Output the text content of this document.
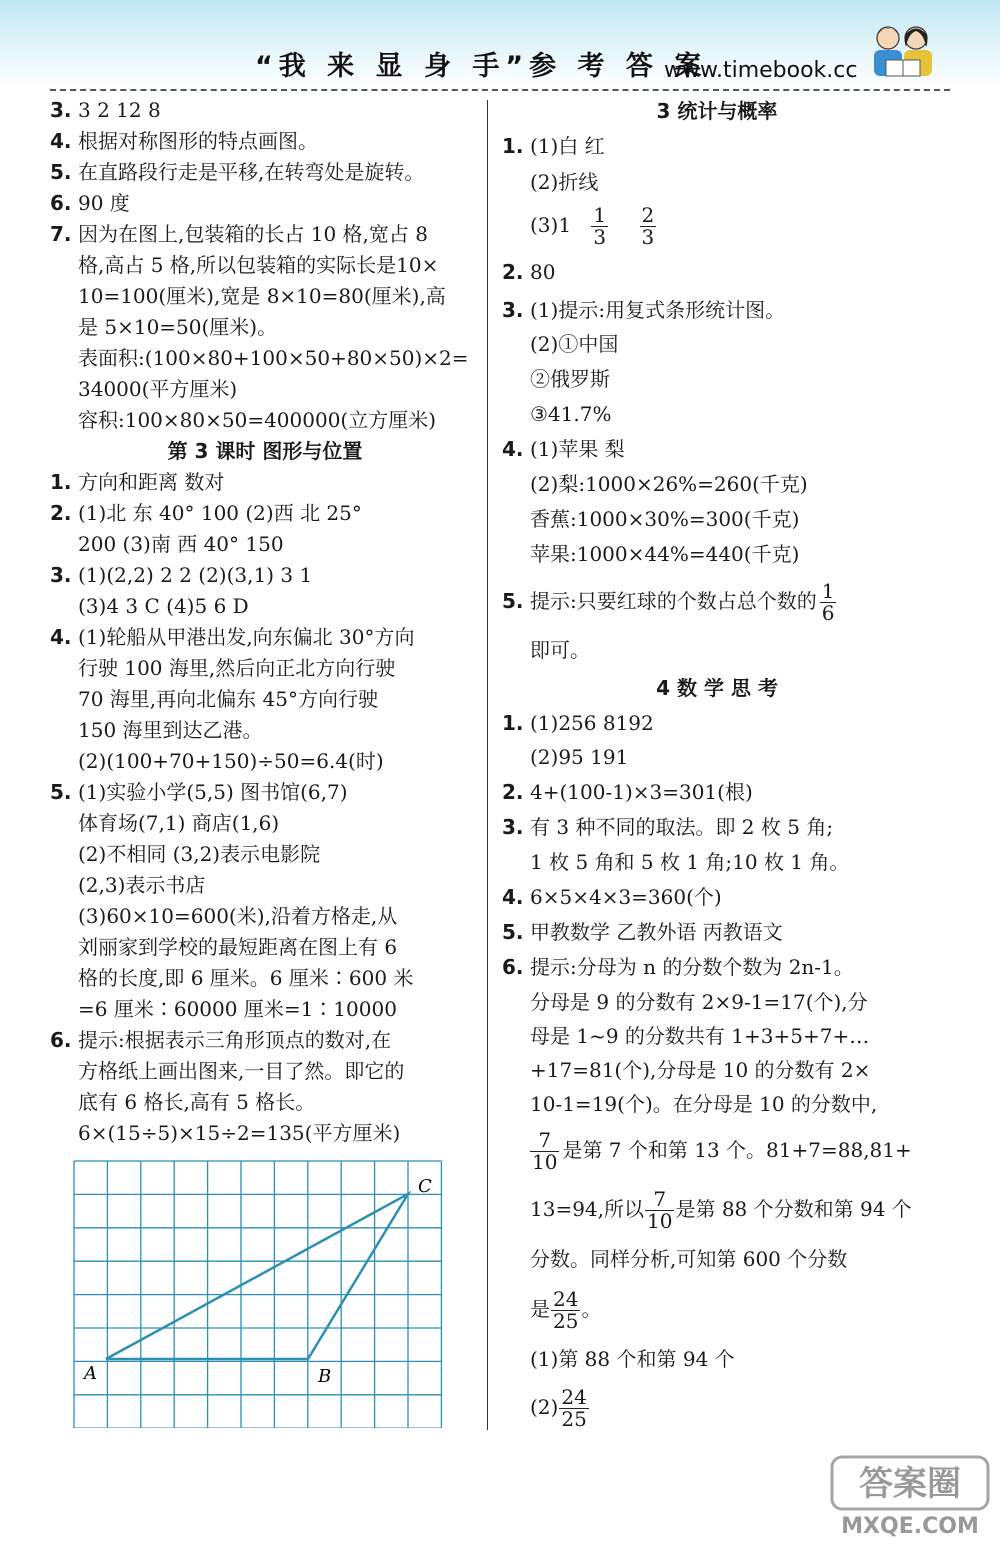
“我 来 显 身 手”参 考 答 案
www.timebook.cc
3. 3 2 12 8
4. 根据对称图形的特点画图。
5. 在直路段行走是平移,在转弯处是旋转。
6. 90 度
7. 因为在图上,包装箱的长占 10 格,宽占 8
格,高占 5 格,所以包装箱的实际长是10×
10=100(厘米),宽是 8×10=80(厘米),高
是 5×10=50(厘米)。
表面积:(100×80+100×50+80×50)×2=
34000(平方厘米)
容积:100×80×50=400000(立方厘米)
第 3 课时 图形与位置
1. 方向和距离 数对
2. (1)北 东 40° 100 (2)西 北 25°
200 (3)南 西 40° 150
3. (1)(2,2) 2 2 (2)(3,1) 3 1
(3)4 3 C (4)5 6 D
4. (1)轮船从甲港出发,向东偏北 30°方向
行驶 100 海里,然后向正北方向行驶
70 海里,再向北偏东 45°方向行驶
150 海里到达乙港。
(2)(100+70+150)÷50=6.4(时)
5. (1)实验小学(5,5) 图书馆(6,7)
体育场(7,1) 商店(1,6)
(2)不相同 (3,2)表示电影院
(2,3)表示书店
(3)60×10=600(米),沿着方格走,从
刘丽家到学校的最短距离在图上有 6
格的长度,即 6 厘米。6 厘米∶600 米
=6 厘米∶60000 厘米=1∶10000
6. 提示:根据表示三角形顶点的数对,在
方格纸上画出图来,一目了然。即它的
底有 6 格长,高有 5 格长。
6×(15÷5)×15÷2=135(平方厘米)
A	B
C
3 统计与概率
1. (1)白 红
(2)折线
$(3)1 \frac{1}{3}$
$\frac{2}{3}$
2. 80
3. (1)提示:用复式条形统计图。
(2)①中国
②俄罗斯
③41.7%
4. (1)苹果 梨
(2)梨:1000×26%=260(千克)
香蕉:1000×30%=300(千克)
苹果:1000×44%=440(千克)
5. 提示:只要红球的个数占总个数的 $\frac{1}{6}$
即可。
4 数 学 思 考
1. (1)256 8192
(2)95 191
2. 4+(100-1)×3=301(根)
3. 有 3 种不同的取法。即 2 枚 5 角;
1 枚 5 角和 5 枚 1 角;10 枚 1 角。
4. 6×5×4×3=360(个)
5. 甲教数学 乙教外语 丙教语文
6. 提示:分母为 n 的分数个数为 2n-1。
分母是 9 的分数有 2×9-1=17(个),分
母是 1~9 的分数共有 1+3+5+7+…
+17=81(个),分母是 10 的分数有 2×
10-1=19(个)。在分母是 10 的分数中,
$\frac{7}{10}$ 是第 7 个和第 13 个。81+7=88,81+
13=94,所以 $\frac{7}{10}$ 是第 88 个分数和第 94 个
分数。同样分析,可知第 600 个分数
是 $\frac{24}{25}$ 。
(1)第 88 个和第 94 个
$(2) \frac{24}{25}$
答案圈
MXQE.COM
